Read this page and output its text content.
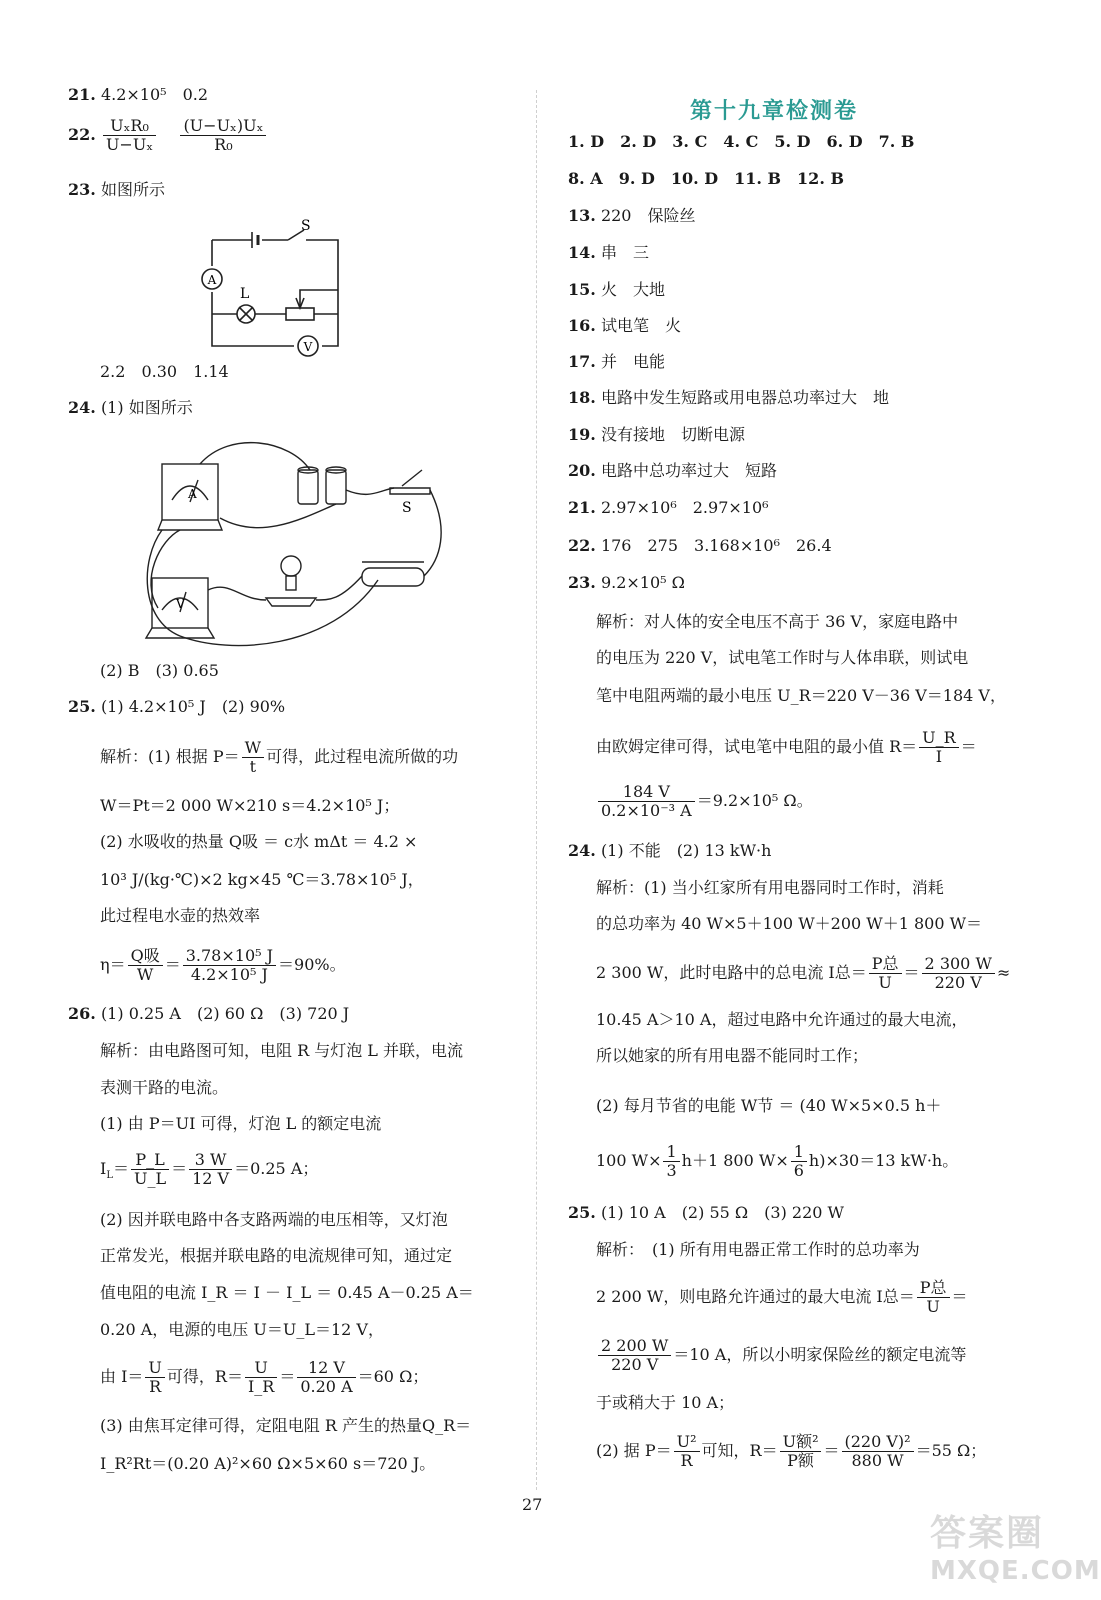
21. 4.2×10⁵　0.2
22. $\frac{\text{UₓR₀}}{\text{U−Uₓ}}$
$\frac{\text{(U−Uₓ)Uₓ}}{\text{R₀}}$
23. 如图所示
A
V
S
L
2.2　0.30　1.14
24. (1) 如图所示
A
V
S
(2) B　(3) 0.65
25. (1) 4.2×10⁵ J　(2) 90%
解析：(1) 根据 $P= \frac{W}{t}$ 可得，此过程电流所做的功
W＝Pt＝2 000 W×210 s＝4.2×10⁵ J；
(2) 水吸收的热量 Q吸 ＝ c水 mΔt ＝ 4.2 ×
10³ J/(kg·℃)×2 kg×45 ℃＝3.78×10⁵ J，
此过程电水壶的热效率
$\eta= \frac{\text{Q吸}}{W} = \frac{\text{3.78×10⁵ J}}{\text{4.2×10⁵ J}} =90\%$。
26. (1) 0.25 A　(2) 60 Ω　(3) 720 J
解析：由电路图可知，电阻 R 与灯泡 L 并联，电流
表测干路的电流。
(1) 由 P＝UI 可得，灯泡 L 的额定电流
$I_L= \frac{P\_L}{U\_L} = \frac{3 W}{12 V} =0.25$ A；
(2) 因并联电路中各支路两端的电压相等，又灯泡
正常发光，根据并联电路的电流规律可知，通过定
值电阻的电流 I_R ＝ I － I_L ＝ 0.45 A－0.25 A＝
0.20 A，电源的电压 U＝U_L＝12 V，
由 $I= \frac{U}{R}$ 可得，$R= \frac{U}{I\_R} = \frac{12 V}{0.20 A} =60$ Ω；
(3) 由焦耳定律可得，定阻电阻 R 产生的热量Q_R＝
I_R²Rt＝(0.20 A)²×60 Ω×5×60 s＝720 J。
第十九章检测卷
1. D　2. D　3. C　4. C　5. D　6. D　7. B
8. A　9. D　10. D　11. B　12. B
解析：对人体的安全电压不高于 36 V，家庭电路中
的电压为 220 V，试电笔工作时与人体串联，则试电
笔中电阻两端的最小电压 U_R＝220 V－36 V＝184 V，
由欧姆定律可得，试电笔中电阻的最小值 $R= \frac{U\_R}{I}$ ＝
$\frac{184 V}{\text{0.2×10⁻³ A}} =9.2\times 10^5$ Ω。
24. (1) 不能　(2) 13 kW·h
解析：(1) 当小红家所有用电器同时工作时，消耗
的总功率为 40 W×5＋100 W＋200 W＋1 800 W＝
2 300 W，此时电路中的总电流 I总＝ $\frac{\text{P总}}{U} = \frac{2 300 W}{220 V}$ ≈
10.45 A＞10 A，超过电路中允许通过的最大电流，
所以她家的所有用电器不能同时工作；
(2) 每月节省的电能 W节 ＝ (40 W×5×0.5 h＋
100 $W\times \frac{1}{3} h+1$ 800 $W\times \frac{1}{6} h)\times 30=13$ kW·h。
25. (1) 10 A　(2) 55 Ω　(3) 220 W
解析：　(1) 所有用电器正常工作时的总功率为
2 200 W，则电路允许通过的最大电流 I总＝ $\frac{\text{P总}}{U}$ ＝
$\frac{2 200 W}{220 V} =10$ A，所以小明家保险丝的额定电流等
于或稍大于 10 A；
(2) 据 $P= \frac{\text{U²}}{R}$ 可知，$R= \frac{\text{U额²}}{\text{P额}} = \frac{\text{(220 V)²}}{880 W} =55$ Ω；
27
答案圈
MXQE.COM
13. 220　保险丝
14. 串　三
15. 火　大地
16. 试电笔　火
17. 并　电能
18. 电路中发生短路或用电器总功率过大　地
19. 没有接地　切断电源
20. 电路中总功率过大　短路
21. 2.97×10⁶　2.97×10⁶
22. 176　275　3.168×10⁶　26.4
23. 9.2×10⁵ Ω
